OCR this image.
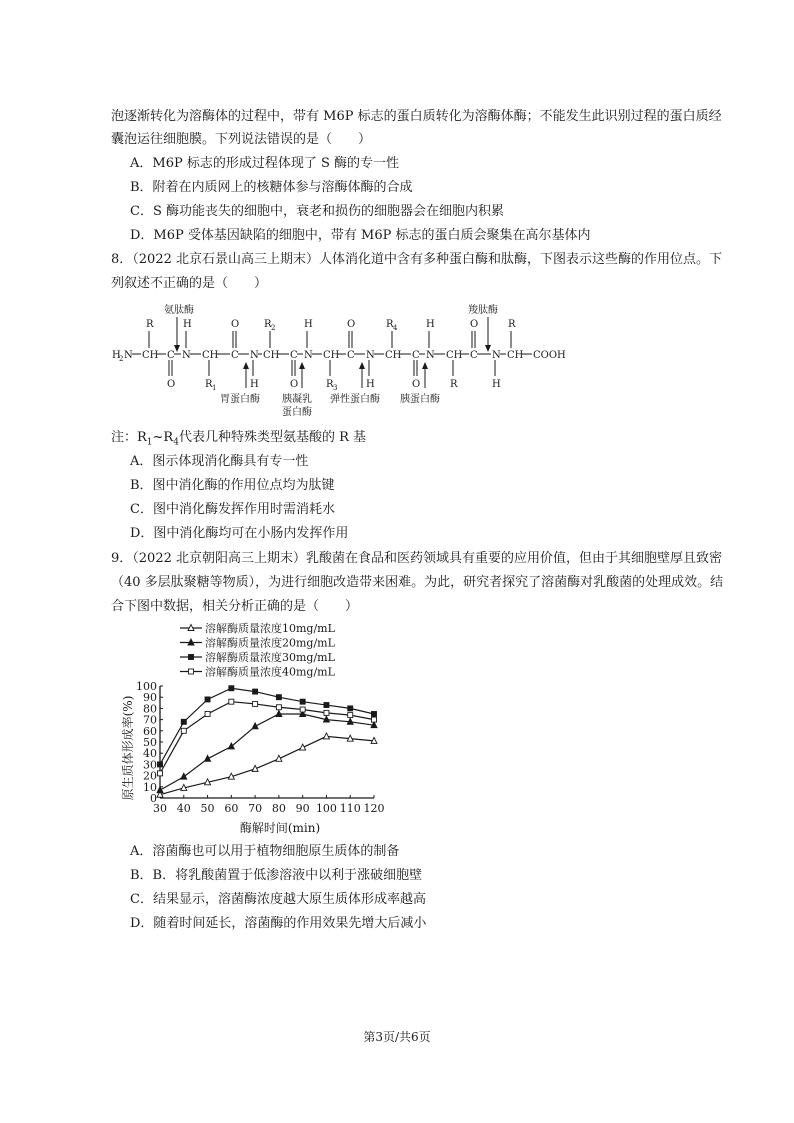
泡逐渐转化为溶酶体的过程中，带有 M6P 标志的蛋白质转化为溶酶体酶；不能发生此识别过程的蛋白质经
囊泡运往细胞膜。下列说法错误的是（　　）
A．M6P 标志的形成过程体现了 S 酶的专一性
B．附着在内质网上的核糖体参与溶酶体酶的合成
C．S 酶功能丧失的细胞中，衰老和损伤的细胞器会在细胞内积累
D．M6P 受体基因缺陷的细胞中，带有 M6P 标志的蛋白质会聚集在高尔基体内
8．（2022 北京石景山高三上期末）人体消化道中含有多种蛋白酶和肽酶，下图表示这些酶的作用位点。下
列叙述不正确的是（　　）
氨肽酶	羧肽酶
R	H	O R 2	H	O	R 4	H	O	R
H
2 N CH C N CH C N CH C N CH C N CH C N CH C N CH COOH
O	R 1	H	O	R 3	H	O	R	H
胃蛋白酶 胰凝乳
蛋白酶
弹性蛋白酶 胰蛋白酶
注：$R_1\sim R_4$代表几种特殊类型氨基酸的 R 基
A．图示体现消化酶具有专一性
B．图中消化酶的作用位点均为肽键
C．图中消化酶发挥作用时需消耗水
D．图中消化酶均可在小肠内发挥作用
9．（2022 北京朝阳高三上期末）乳酸菌在食品和医药领域具有重要的应用价值，但由于其细胞壁厚且致密
（40 多层肽聚糖等物质），为进行细胞改造带来困难。为此，研究者探究了溶菌酶对乳酸菌的处理成效。结
合下图中数据，相关分析正确的是（　　）
溶解酶质量浓度10mg/mL
溶解酶质量浓度20mg/mL
溶解酶质量浓度30mg/mL
溶解酶质量浓度40mg/mL
0
10
20
30
40
50
60
70
80
90
100
30 40 50 60 70 80 90 100 110 120
酶解时间(min)
原生质体形成率(%)
A．溶菌酶也可以用于植物细胞原生质体的制备
B．B．将乳酸菌置于低渗溶液中以利于涨破细胞壁
C．结果显示，溶菌酶浓度越大原生质体形成率越高
D．随着时间延长，溶菌酶的作用效果先增大后减小
第3页/共6页
